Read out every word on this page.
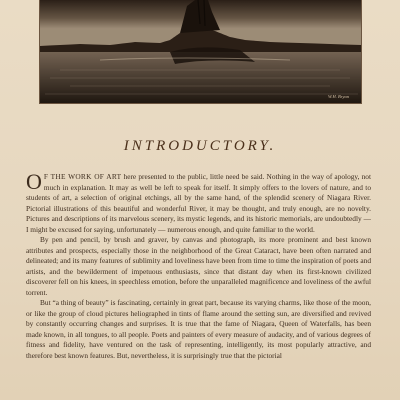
W.H. Bryan
INTRODUCTORY.

O F THE WORK OF ART here presented to the public, little need be said. Nothing in the way of apology, not much in explanation. It may as well be left to speak for itself. It simply offers to the lovers of nature, and to students of art, a selection of original etchings, all by the same hand, of the splendid scenery of Niagara River. Pictorial illustrations of this beautiful and wonderful River, it may be thought, and truly enough, are no novelty. Pictures and descriptions of its marvelous scenery, its mystic legends, and its historic memorials, are undoubtedly — I might be excused for saying, unfortunately — numerous enough, and quite familiar to the world.

By pen and pencil, by brush and graver, by canvas and photograph, its more prominent and best known attributes and prospects, especially those in the neighborhood of the Great Cataract, have been often narrated and delineated; and its many features of sublimity and loveliness have been from time to time the inspiration of poets and artists, and the bewilderment of impetuous enthusiasts, since that distant day when its first-known civilized discoverer fell on his knees, in speechless emotion, before the unparalleled magnificence and loveliness of the awful torrent.

But “a thing of beauty” is fascinating, certainly in great part, because its varying charms, like those of the moon, or like the group of cloud pictures heliographed in tints of flame around the setting sun, are diversified and revived by constantly occurring changes and surprises. It is true that the fame of Niagara, Queen of Waterfalls, has been made known, in all tongues, to all people. Poets and painters of every measure of audacity, and of various degrees of fitness and fidelity, have ventured on the task of representing, intelligently, its most popularly attractive, and therefore best known features. But, nevertheless, it is surprisingly true that the pictorial
